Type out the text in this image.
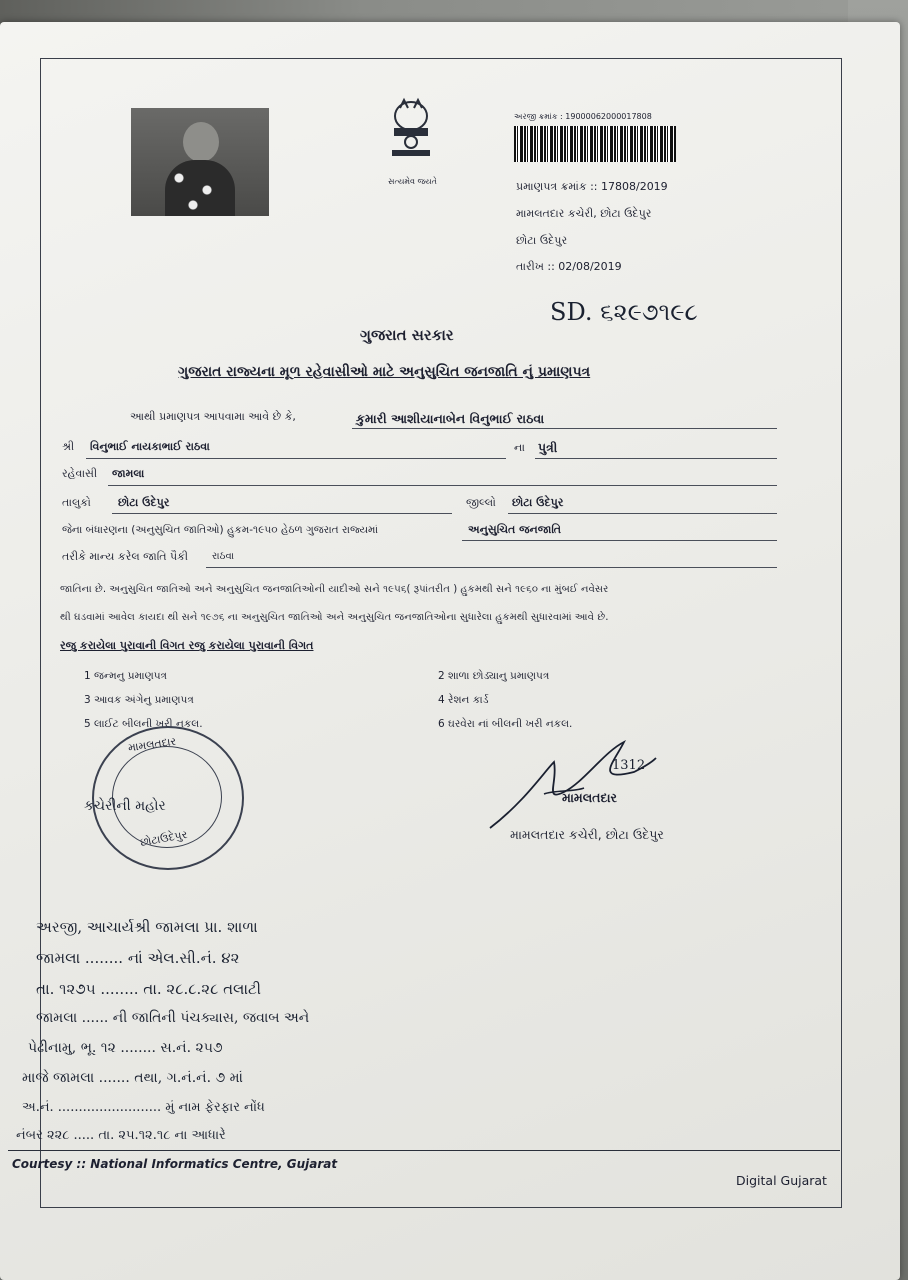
સત્યમેવ જયતે
અરજી ક્રમાંક : 19000062000017808
પ્રમાણપત્ર ક્રમાંક :: 17808/2019
મામલતદાર કચેરી, છોટા ઉદેપુર
છોટા ઉદેપુર
તારીખ :: 02/08/2019
SD. ૬૨૯૭૧૯૮
ગુજરાત સરકાર
ગુજરાત રાજ્યના મૂળ રહેવાસીઓ માટે અનુસુચિત જનજાતિ નું પ્રમાણપત્ર
આથી પ્રમાણપત્ર આપવામા આવે છે કે,	કુમારી આશીયાનાબેન વિનુભાઈ રાઠવા
શ્રી વિનુભાઈ નાયકાભાઈ રાઠવા	ના પુત્રી
રહેવાસી જામલા
તાલુકો છોટા ઉદેપુર	જીલ્લો છોટા ઉદેપુર
જેના બંધારણના (અનુસુચિત જાતિઓ) હુકમ-૧૯૫૦ હેઠળ ગુજરાત રાજ્યમાં	અનુસુચિત જનજાતિ
તરીકે માન્ય કરેલ જાતિ પૈકી રાઠવા
જાતિના છે. અનુસુચિત જાતિઓ અને અનુસુચિત જનજાતિઓની યાદીઓ સને ૧૯૫૬( રૂપાંતરીત ) હુકમથી સને ૧૯૬૦ ના મુંબઈ નવેસર
થી ઘડવામાં આવેલ કાયદા થી સને ૧૯૭૬ ના અનુસુચિત જાતિઓ અને અનુસુચિત જનજાતિઓના સુધારેલા હુકમથી સુધારવામાં આવે છે.
રજુ કરાયેલા પુરાવાની વિગત રજુ કરાયેલા પુરાવાની વિગત
1 જન્મનુ પ્રમાણપત્ર	2 શાળા છોડ્યાનુ પ્રમાણપત્ર
3 આવક અંગેનુ પ્રમાણપત્ર	4 રેશન કાર્ડ
5 લાઈટ બીલની ખરી નકલ.	6 ઘરવેરા નાં બીલની ખરી નકલ.
મામલતદાર
કચેરીની મહોર
છોટાઉદેપુર
1312
મામલતદાર
મામલતદાર કચેરી, છોટા ઉદેપુર
અરજી, આચાર્યશ્રી જામલા પ્રા. શાળા
જામલા ........ નાં એલ.સી.નં. ૪૨
તા. ૧૨૭૫ ........ તા. ૨૮.૮.૨૮ તલાટી
જામલા ...... ની જાતિની પંચક્યાસ, જવાબ અને
પેઢીનામુ, ભૂ. ૧૨ ........ સ.નં. ૨૫૭
માજે જામલા ....... તથા, ગ.નં.નં. ૭ માં
અ.નં. ......................... મું નામ ફેરફાર નોંધ
નંબર ૨૨૮ ..... તા. ૨૫.૧૨.૧૮ ના આધારે
Courtesy :: National Informatics Centre, Gujarat
Digital Gujarat
